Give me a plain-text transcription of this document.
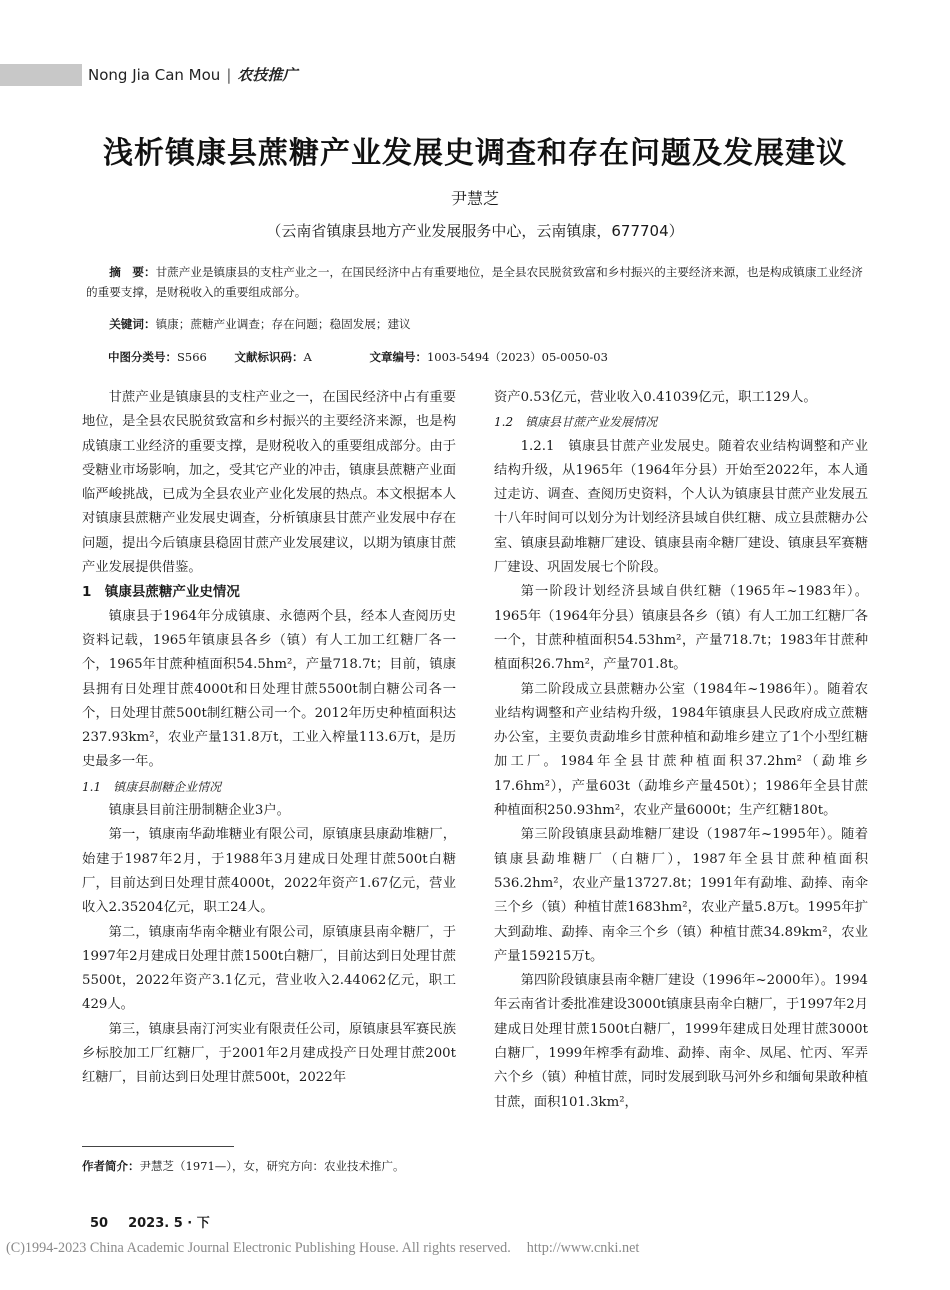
Nong Jia Can Mou | 农技推广
浅析镇康县蔗糖产业发展史调查和存在问题及发展建议
尹慧芝
（云南省镇康县地方产业发展服务中心，云南镇康，677704）

摘　要：甘蔗产业是镇康县的支柱产业之一，在国民经济中占有重要地位，是全县农民脱贫致富和乡村振兴的主要经济来源，也是构成镇康工业经济的重要支撑，是财税收入的重要组成部分。

关键词：镇康；蔗糖产业调查；存在问题；稳固发展；建议
中图分类号：S566 文献标识码：A	文章编号：1003-5494（2023）05-0050-03

甘蔗产业是镇康县的支柱产业之一，在国民经济中占有重要地位，是全县农民脱贫致富和乡村振兴的主要经济来源，也是构成镇康工业经济的重要支撑，是财税收入的重要组成部分。由于受糖业市场影响，加之，受其它产业的冲击，镇康县蔗糖产业面临严峻挑战，已成为全县农业产业化发展的热点。本文根据本人对镇康县蔗糖产业发展史调查，分析镇康县甘蔗产业发展中存在问题，提出今后镇康县稳固甘蔗产业发展建议，以期为镇康甘蔗产业发展提供借鉴。

1　镇康县蔗糖产业史情况

镇康县于1964年分成镇康、永德两个县，经本人查阅历史资料记载，1965年镇康县各乡（镇）有人工加工红糖厂各一个，1965年甘蔗种植面积54.5hm²，产量718.7t；目前，镇康县拥有日处理甘蔗4000t和日处理甘蔗5500t制白糖公司各一个，日处理甘蔗500t制红糖公司一个。2012年历史种植面积达237.93km²，农业产量131.8万t，工业入榨量113.6万t，是历史最多一年。

1.1　镇康县制糖企业情况

镇康县目前注册制糖企业3户。

第一，镇康南华勐堆糖业有限公司，原镇康县康勐堆糖厂，始建于1987年2月，于1988年3月建成日处理甘蔗500t白糖厂，目前达到日处理甘蔗4000t，2022年资产1.67亿元，营业收入2.35204亿元，职工24人。

第二，镇康南华南伞糖业有限公司，原镇康县南伞糖厂，于1997年2月建成日处理甘蔗1500t白糖厂，目前达到日处理甘蔗5500t，2022年资产3.1亿元，营业收入2.44062亿元，职工429人。

第三，镇康县南汀河实业有限责任公司，原镇康县军赛民族乡标胶加工厂红糖厂，于2001年2月建成投产日处理甘蔗200t红糖厂，目前达到日处理甘蔗500t，2022年

资产0.53亿元，营业收入0.41039亿元，职工129人。

1.2　镇康县甘蔗产业发展情况

1.2.1　镇康县甘蔗产业发展史。随着农业结构调整和产业结构升级，从1965年（1964年分县）开始至2022年，本人通过走访、调查、查阅历史资料，个人认为镇康县甘蔗产业发展五十八年时间可以划分为计划经济县域自供红糖、成立县蔗糖办公室、镇康县勐堆糖厂建设、镇康县南伞糖厂建设、镇康县军赛糖厂建设、巩固发展七个阶段。

第一阶段计划经济县域自供红糖（1965年~1983年）。1965年（1964年分县）镇康县各乡（镇）有人工加工红糖厂各一个，甘蔗种植面积54.53hm²，产量718.7t；1983年甘蔗种植面积26.7hm²，产量701.8t。

第二阶段成立县蔗糖办公室（1984年~1986年）。随着农业结构调整和产业结构升级，1984年镇康县人民政府成立蔗糖办公室，主要负责勐堆乡甘蔗种植和勐堆乡建立了1个小型红糖加工厂。1984年全县甘蔗种植面积37.2hm²（勐堆乡17.6hm²），产量603t（勐堆乡产量450t）；1986年全县甘蔗种植面积250.93hm²，农业产量6000t；生产红糖180t。

第三阶段镇康县勐堆糖厂建设（1987年~1995年）。随着镇康县勐堆糖厂（白糖厂），1987年全县甘蔗种植面积536.2hm²，农业产量13727.8t；1991年有勐堆、勐捧、南伞三个乡（镇）种植甘蔗1683hm²，农业产量5.8万t。1995年扩大到勐堆、勐捧、南伞三个乡（镇）种植甘蔗34.89km²，农业产量159215万t。

第四阶段镇康县南伞糖厂建设（1996年~2000年）。1994年云南省计委批准建设3000t镇康县南伞白糖厂，于1997年2月建成日处理甘蔗1500t白糖厂，1999年建成日处理甘蔗3000t白糖厂，1999年榨季有勐堆、勐捧、南伞、凤尾、忙丙、军弄六个乡（镇）种植甘蔗，同时发展到耿马河外乡和缅甸果敢种植甘蔗，面积101.3km²，

作者简介：尹慧芝（1971—），女，研究方向：农业技术推广。
50 2023. 5 · 下
(C)1994-2023 China Academic Journal Electronic Publishing House. All rights reserved. http://www.cnki.net
